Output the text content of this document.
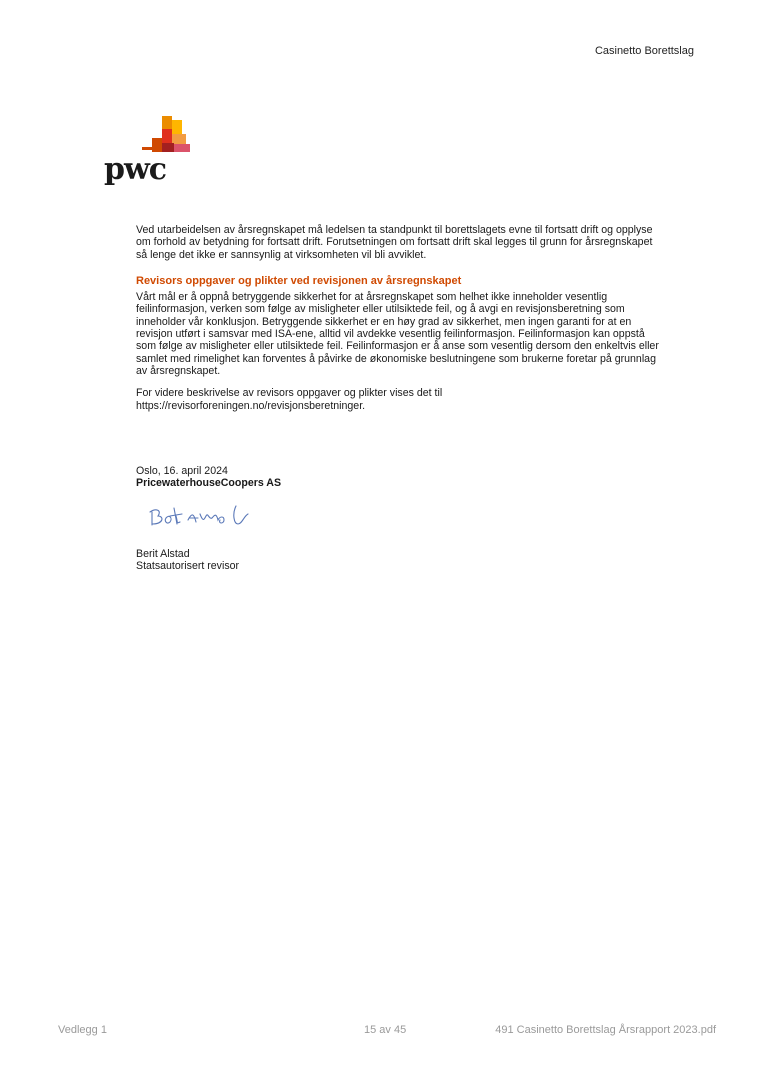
Casinetto Borettslag
pwc

Ved utarbeidelsen av årsregnskapet må ledelsen ta standpunkt til borettslagets evne til fortsatt drift og opplyse om forhold av betydning for fortsatt drift. Forutsetningen om fortsatt drift skal legges til grunn for årsregnskapet så lenge det ikke er sannsynlig at virksomheten vil bli avviklet.

Revisors oppgaver og plikter ved revisjonen av årsregnskapet

Vårt mål er å oppnå betryggende sikkerhet for at årsregnskapet som helhet ikke inneholder vesentlig feilinformasjon, verken som følge av misligheter eller utilsiktede feil, og å avgi en revisjonsberetning som inneholder vår konklusjon. Betryggende sikkerhet er en høy grad av sikkerhet, men ingen garanti for at en revisjon utført i samsvar med ISA-ene, alltid vil avdekke vesentlig feilinformasjon. Feilinformasjon kan oppstå som følge av misligheter eller utilsiktede feil. Feilinformasjon er å anse som vesentlig dersom den enkeltvis eller samlet med rimelighet kan forventes å påvirke de økonomiske beslutningene som brukerne foretar på grunnlag av årsregnskapet.

For videre beskrivelse av revisors oppgaver og plikter vises det til https://revisorforeningen.no/revisjonsberetninger.

Oslo, 16. april 2024
PricewaterhouseCoopers AS
Berit Alstad
Statsautorisert revisor
Vedlegg 1	15 av 45	491 Casinetto Borettslag Årsrapport 2023.pdf
